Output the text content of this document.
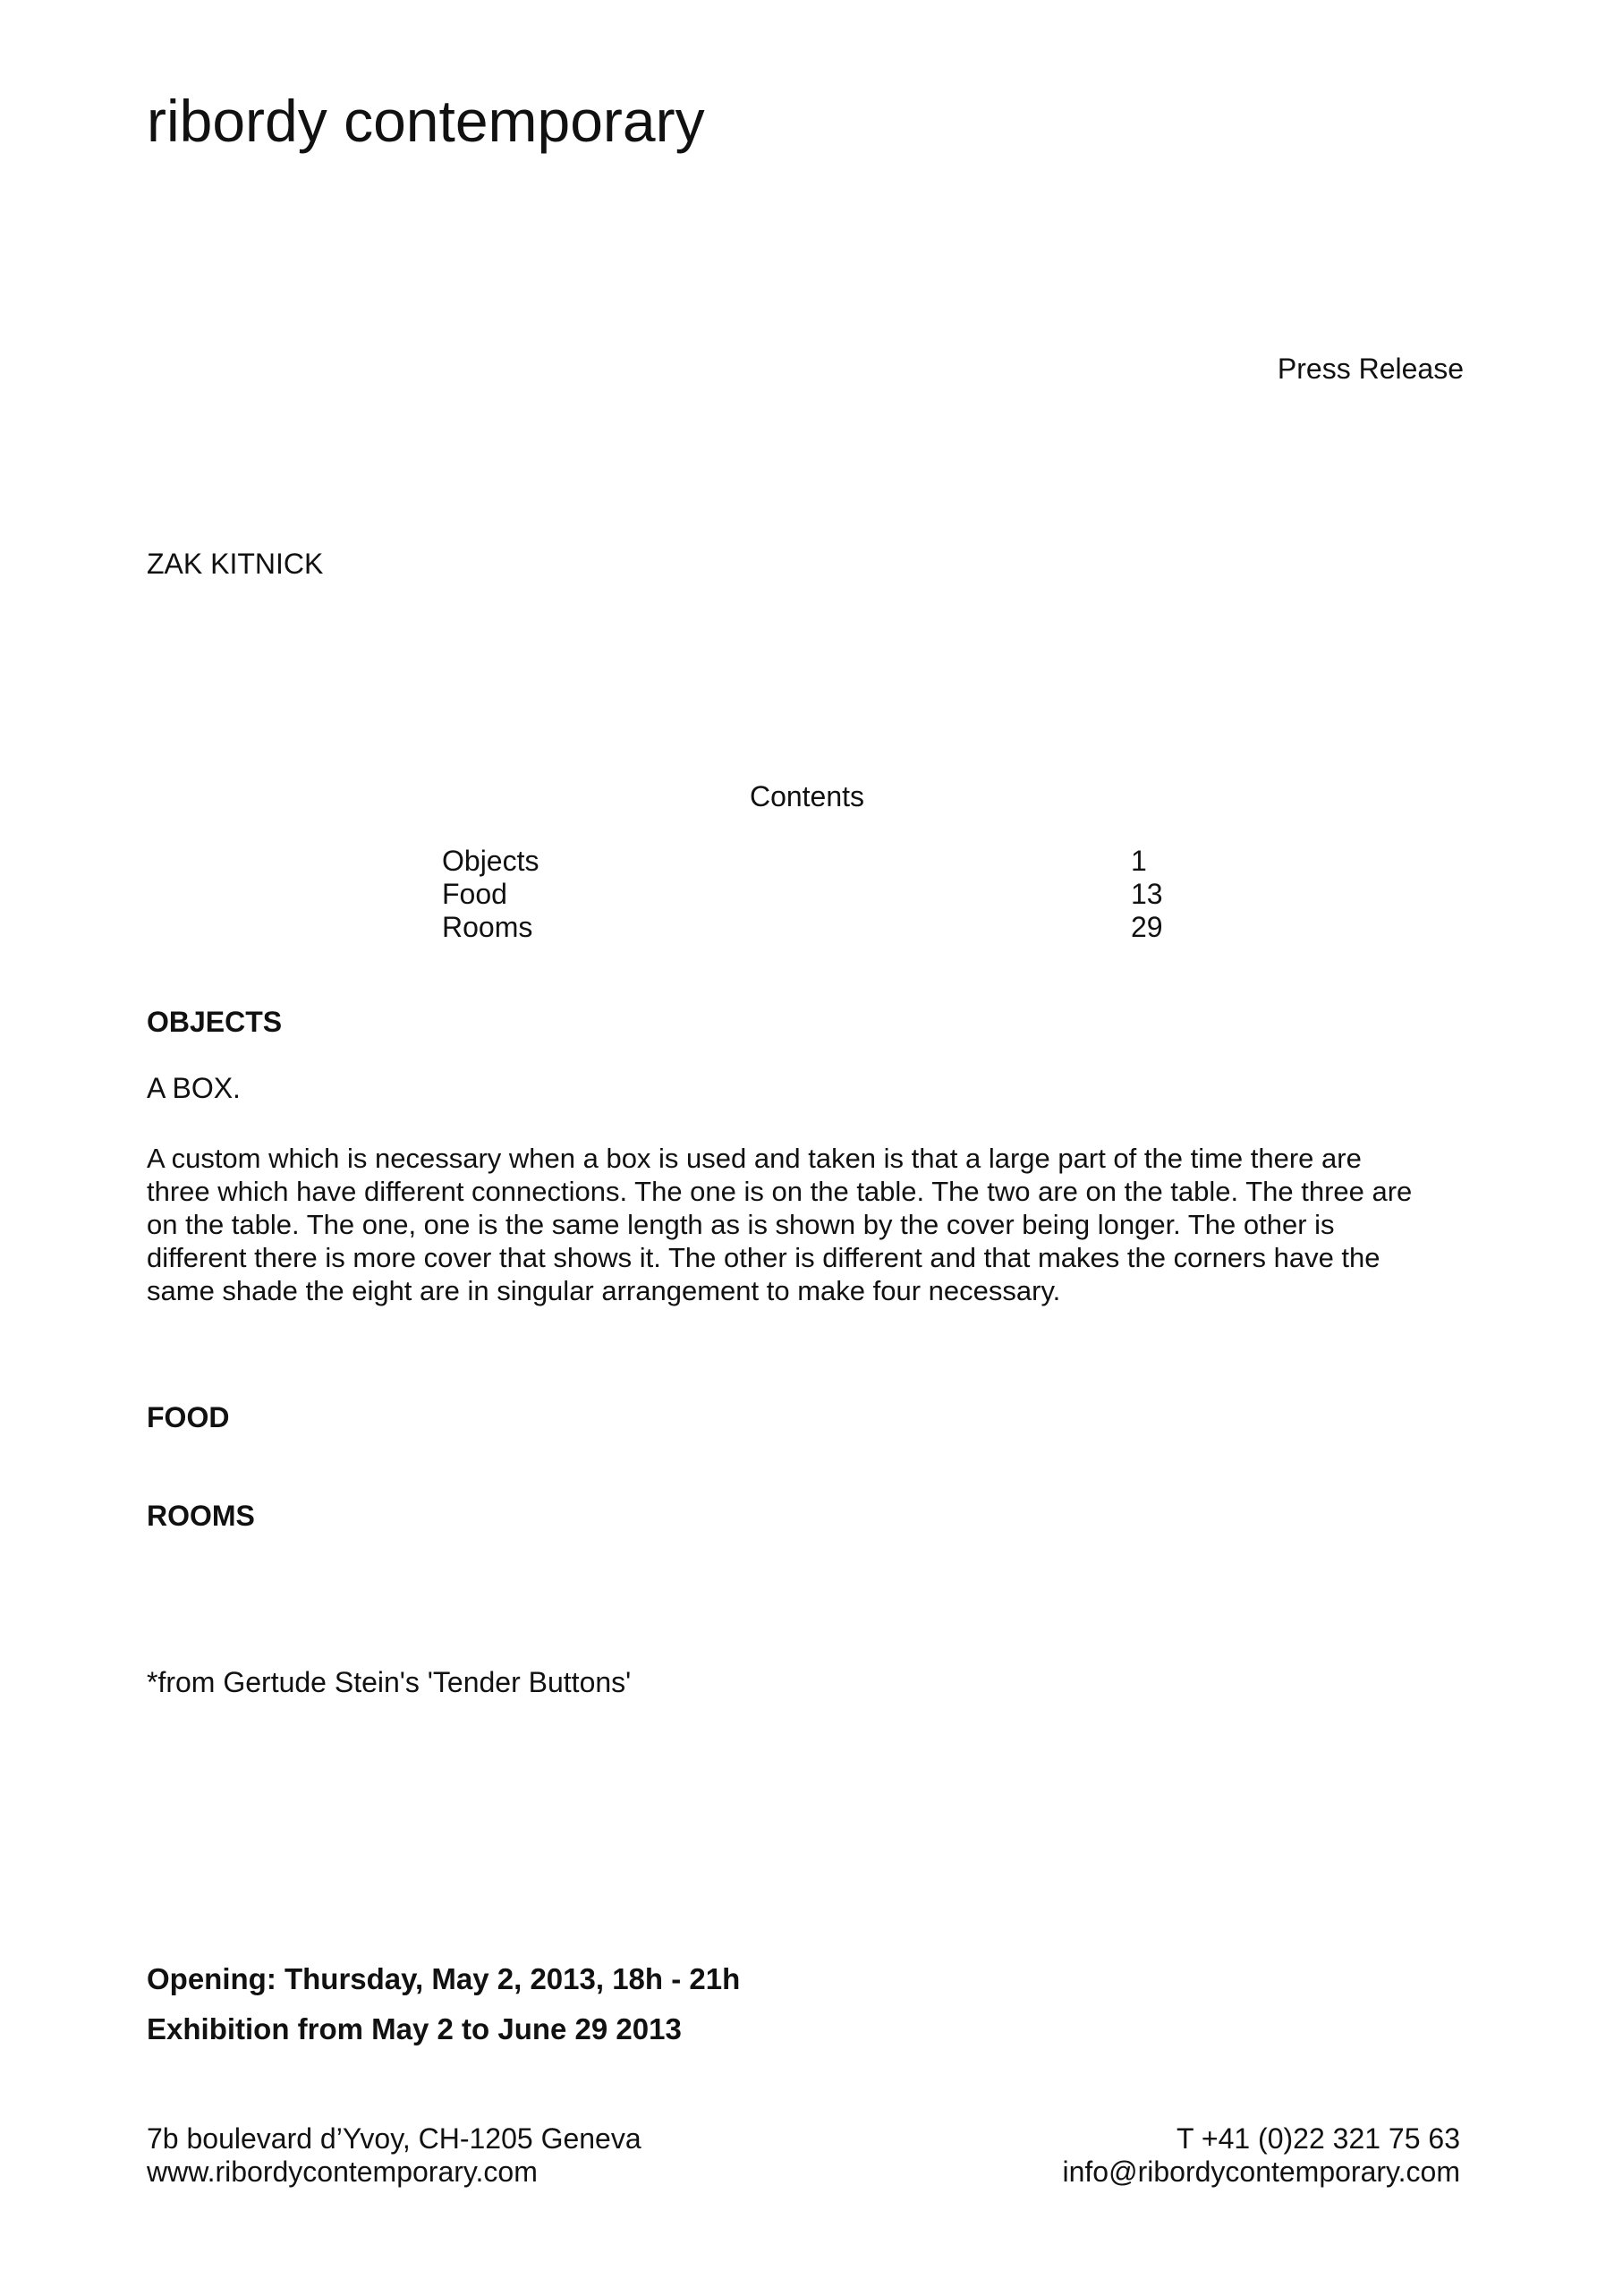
ribordy contemporary
Press Release
ZAK KITNICK
Contents
Objects	1
Food	13
Rooms	29
OBJECTS
A BOX.
A custom which is necessary when a box is used and taken is that a large part of the time there are
three which have different connections. The one is on the table. The two are on the table. The three are
on the table. The one, one is the same length as is shown by the cover being longer. The other is
different there is more cover that shows it. The other is different and that makes the corners have the
same shade the eight are in singular arrangement to make four necessary.
FOOD
ROOMS
*from Gertude Stein's 'Tender Buttons'
Opening: Thursday, May 2, 2013, 18h - 21h
Exhibition from May 2 to June 29 2013
7b boulevard d’Yvoy, CH-1205 Geneva
www.ribordycontemporary.com
T +41 (0)22 321 75 63
info@ribordycontemporary.com
